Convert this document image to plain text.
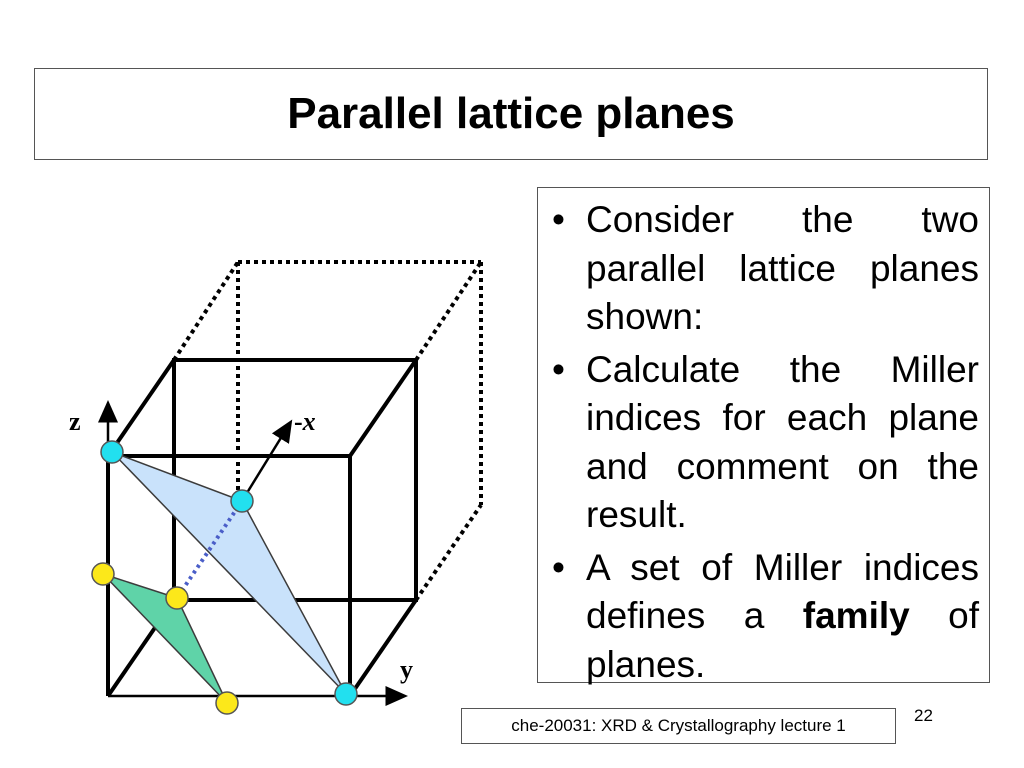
Parallel lattice planes
z	-x
y
• Consider the two parallel lattice planes shown:
• Calculate the Miller indices for each plane and comment on the result.
• A set of Miller indices defines a family of planes.
che-20031: XRD & Crystallography lecture 1
22
